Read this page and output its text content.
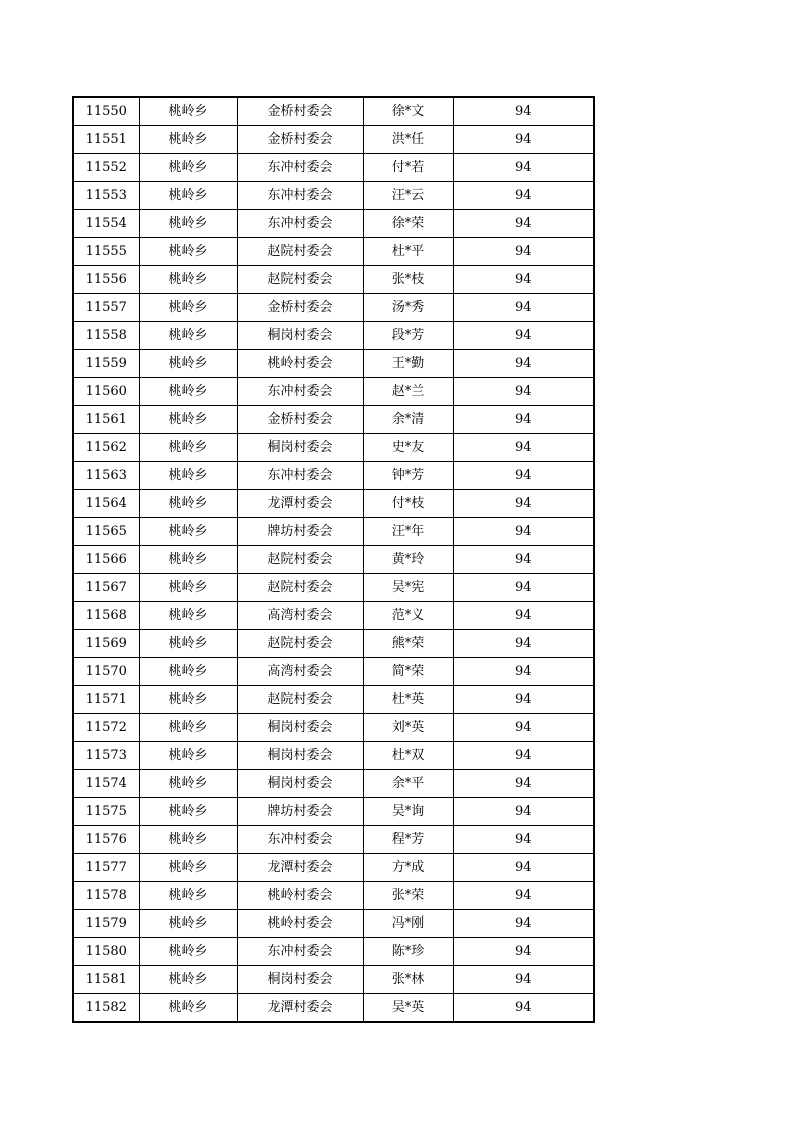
11550	桃岭乡	金桥村委会	徐*文	94
11551	桃岭乡	金桥村委会	洪*任	94
11552	桃岭乡	东冲村委会	付*若	94
11553	桃岭乡	东冲村委会	汪*云	94
11554	桃岭乡	东冲村委会	徐*荣	94
11555	桃岭乡	赵院村委会	杜*平	94
11556	桃岭乡	赵院村委会	张*枝	94
11557	桃岭乡	金桥村委会	汤*秀	94
11558	桃岭乡	桐岗村委会	段*芳	94
11559	桃岭乡	桃岭村委会	王*勤	94
11560	桃岭乡	东冲村委会	赵*兰	94
11561	桃岭乡	金桥村委会	余*清	94
11562	桃岭乡	桐岗村委会	史*友	94
11563	桃岭乡	东冲村委会	钟*芳	94
11564	桃岭乡	龙潭村委会	付*枝	94
11565	桃岭乡	牌坊村委会	汪*年	94
11566	桃岭乡	赵院村委会	黄*玲	94
11567	桃岭乡	赵院村委会	吴*宪	94
11568	桃岭乡	高湾村委会	范*义	94
11569	桃岭乡	赵院村委会	熊*荣	94
11570	桃岭乡	高湾村委会	简*荣	94
11571	桃岭乡	赵院村委会	杜*英	94
11572	桃岭乡	桐岗村委会	刘*英	94
11573	桃岭乡	桐岗村委会	杜*双	94
11574	桃岭乡	桐岗村委会	余*平	94
11575	桃岭乡	牌坊村委会	吴*询	94
11576	桃岭乡	东冲村委会	程*芳	94
11577	桃岭乡	龙潭村委会	方*成	94
11578	桃岭乡	桃岭村委会	张*荣	94
11579	桃岭乡	桃岭村委会	冯*刚	94
11580	桃岭乡	东冲村委会	陈*珍	94
11581	桃岭乡	桐岗村委会	张*林	94
11582	桃岭乡	龙潭村委会	吴*英	94
